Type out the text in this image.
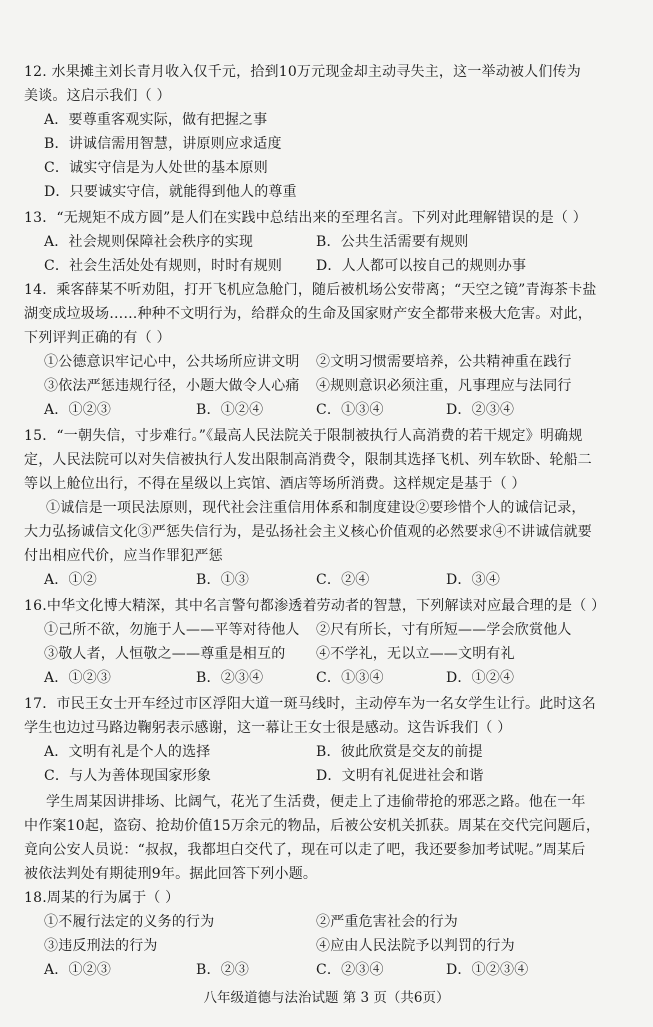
12. 水果摊主刘长青月收入仅千元，拾到10万元现金却主动寻失主，这一举动被人们传为
美谈。这启示我们（ ）
A．要尊重客观实际，做有把握之事
B．讲诚信需用智慧，讲原则应求适度
C．诚实守信是为人处世的基本原则
D．只要诚实守信，就能得到他人的尊重
13．“无规矩不成方圆”是人们在实践中总结出来的至理名言。下列对此理解错误的是（ ）
A．社会规则保障社会秩序的实现	B．公共生活需要有规则
C．社会生活处处有规则，时时有规则 D．人人都可以按自己的规则办事
14．乘客薛某不听劝阻，打开飞机应急舱门，随后被机场公安带离；“天空之镜”青海茶卡盐
湖变成垃圾场……种种不文明行为，给群众的生命及国家财产安全都带来极大危害。对此，
下列评判正确的有（ ）
①公德意识牢记心中，公共场所应讲文明 ②文明习惯需要培养，公共精神重在践行
③依法严惩违规行径，小题大做令人心痛 ④规则意识必须注重，凡事理应与法同行
A．①②③	B．①②④	C．①③④	D．②③④
15．“一朝失信，寸步难行。”《最高人民法院关于限制被执行人高消费的若干规定》明确规
定，人民法院可以对失信被执行人发出限制高消费令，限制其选择飞机、列车软卧、轮船二
等以上舱位出行，不得在星级以上宾馆、酒店等场所消费。这样规定是基于（ ）
①诚信是一项民法原则，现代社会注重信用体系和制度建设②要珍惜个人的诚信记录，
大力弘扬诚信文化③严惩失信行为，是弘扬社会主义核心价值观的必然要求④不讲诚信就要
付出相应代价，应当作罪犯严惩
A．①②	B．①③	C．②④	D．③④
16.中华文化博大精深，其中名言警句都渗透着劳动者的智慧，下列解读对应最合理的是（ ）
①己所不欲，勿施于人——平等对待他人 ②尺有所长，寸有所短——学会欣赏他人
③敬人者，人恒敬之——尊重是相互的 ④不学礼，无以立——文明有礼
A．①②③	B．②③④	C．①③④	D．①②④
17．市民王女士开车经过市区浮阳大道一斑马线时，主动停车为一名女学生让行。此时这名
学生也边过马路边鞠躬表示感谢，这一幕让王女士很是感动。这告诉我们（ ）
A．文明有礼是个人的选择	B．彼此欣赏是交友的前提
C．与人为善体现国家形象	D．文明有礼促进社会和谐
学生周某因讲排场、比阔气，花光了生活费，便走上了违偷带抢的邪恶之路。他在一年
中作案10起，盗窃、抢劫价值15万余元的物品，后被公安机关抓获。周某在交代完问题后，
竟向公安人员说：“叔叔，我都坦白交代了，现在可以走了吧，我还要参加考试呢。”周某后
被依法判处有期徒刑9年。据此回答下列小题。
18.周某的行为属于（ ）
①不履行法定的义务的行为	②严重危害社会的行为
③违反刑法的行为	④应由人民法院予以判罚的行为
A．①②③	B．②③	C．②③④	D．①②③④
八年级道德与法治试题 第 3 页（共6页）
